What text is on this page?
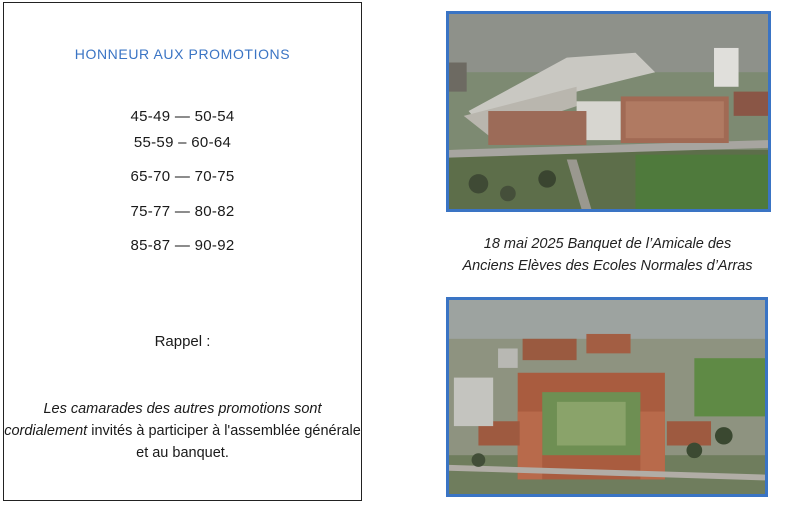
HONNEUR AUX PROMOTIONS
45-49 — 50-54
55-59 – 60-64
65-70 — 70-75
75-77 — 80-82
85-87 — 90-92
Rappel :
Les camarades des autres promotions sont cordialement invités à participer à l'assemblée générale et au banquet.
18 mai 2025 Banquet de l’Amicale des
Anciens Elèves des Ecoles Normales d’Arras
